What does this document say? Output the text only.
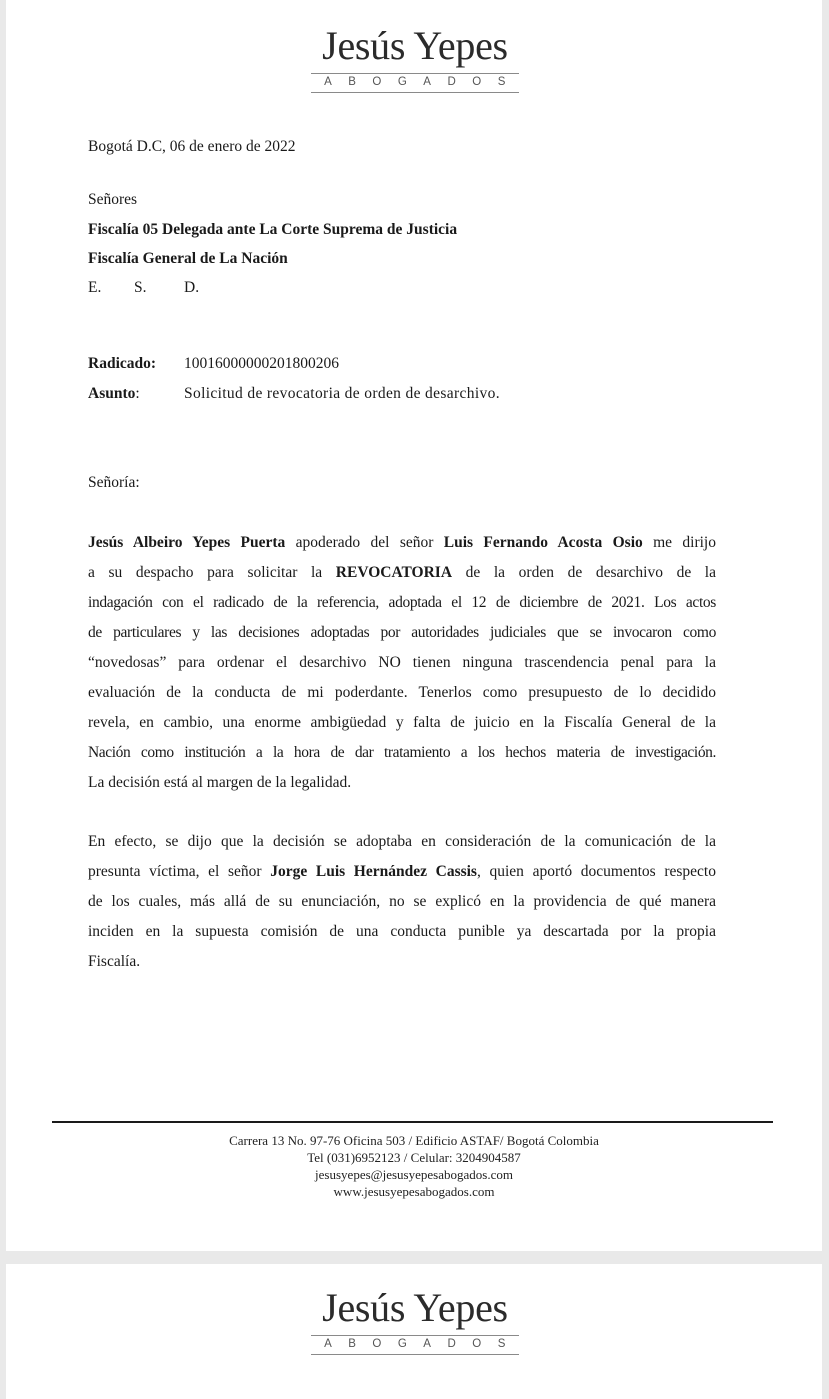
Jesús Yepes
ABOGADOS
Bogotá D.C, 06 de enero de 2022
Señores
Fiscalía 05 Delegada ante La Corte Suprema de Justicia
Fiscalía General de La Nación
E. S. D.
Radicado: 10016000000201800206
Asunto:	Solicitud de revocatoria de orden de desarchivo.
Señoría:
Jesús Albeiro Yepes Puerta apoderado del señor Luis Fernando Acosta Osio me dirijo
a su despacho para solicitar la REVOCATORIA de la orden de desarchivo de la
indagación con el radicado de la referencia, adoptada el 12 de diciembre de 2021. Los actos
de particulares y las decisiones adoptadas por autoridades judiciales que se invocaron como
“novedosas” para ordenar el desarchivo NO tienen ninguna trascendencia penal para la
evaluación de la conducta de mi poderdante. Tenerlos como presupuesto de lo decidido
revela, en cambio, una enorme ambigüedad y falta de juicio en la Fiscalía General de la
Nación como institución a la hora de dar tratamiento a los hechos materia de investigación.
La decisión está al margen de la legalidad.
En efecto, se dijo que la decisión se adoptaba en consideración de la comunicación de la
presunta víctima, el señor Jorge Luis Hernández Cassis, quien aportó documentos respecto
de los cuales, más allá de su enunciación, no se explicó en la providencia de qué manera
inciden en la supuesta comisión de una conducta punible ya descartada por la propia
Fiscalía.
Carrera 13 No. 97-76 Oficina 503 / Edificio ASTAF/ Bogotá Colombia
Tel (031)6952123 / Celular: 3204904587
jesusyepes@jesusyepesabogados.com
www.jesusyepesabogados.com
Jesús Yepes
ABOGADOS
